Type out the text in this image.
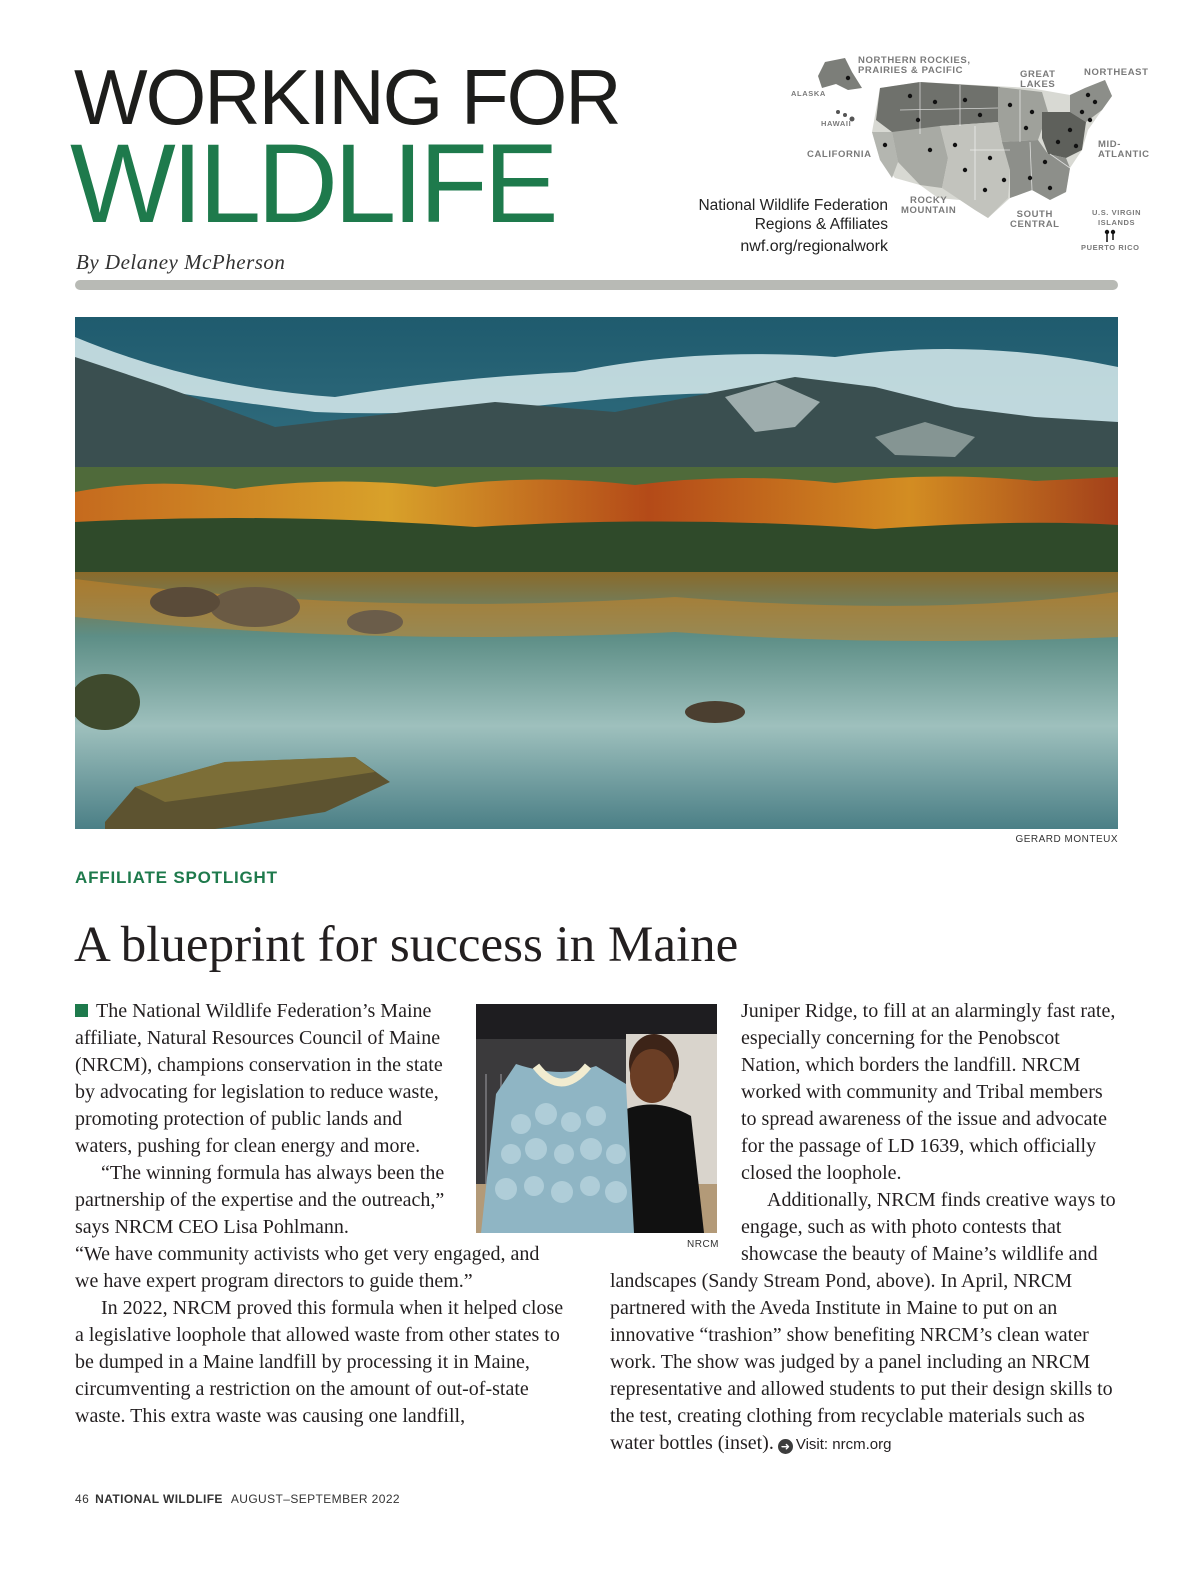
WORKING FOR
WILDLIFE
By Delaney McPherson
NORTHERN ROCKIES,
PRAIRIES & PACIFIC	GREAT
LAKES
NORTHEAST
ALASKA
HAWAII
CALIFORNIA
MID-
ATLANTIC
ROCKY
MOUNTAIN	SOUTH
CENTRAL
U.S. VIRGIN
ISLANDS
PUERTO RICO
National Wildlife Federation
Regions & Affiliates
nwf.org/regionalwork
GERARD MONTEUX
AFFILIATE SPOTLIGHT
A blueprint for success in Maine

The National Wildlife Federation’s Maine affiliate, Natural Resources Council of Maine (NRCM), champions conservation in the state by advocating for legislation to reduce waste, promoting protection of public lands and waters, pushing for clean energy and more.

“The winning formula has always been the partnership of the expertise and the outreach,” says NRCM CEO Lisa Pohlmann.

“We have community activists who get very engaged, and we have expert program directors to guide them.”

In 2022, NRCM proved this formula when it helped close a legislative loophole that allowed waste from other states to be dumped in a Maine landfill by processing it in Maine, circumventing a restriction on the amount of out-of-state waste. This extra waste was causing one landfill,

NRCM

Juniper Ridge, to fill at an alarmingly fast rate, especially concerning for the Penobscot Nation, which borders the landfill. NRCM worked with community and Tribal members to spread awareness of the issue and advocate for the passage of LD 1639, which officially closed the loophole.

Additionally, NRCM finds creative ways to engage, such as with photo contests that showcase the beauty of Maine’s wildlife and

landscapes (Sandy Stream Pond, above). In April, NRCM partnered with the Aveda Institute in Maine to put on an innovative “trashion” show benefiting NRCM’s clean water work. The show was judged by a panel including an NRCM representative and allowed students to put their design skills to the test, creating clothing from recyclable materials such as water bottles (inset). ➜ Visit: nrcm.org

46 NATIONAL WILDLIFE AUGUST–SEPTEMBER 2022
